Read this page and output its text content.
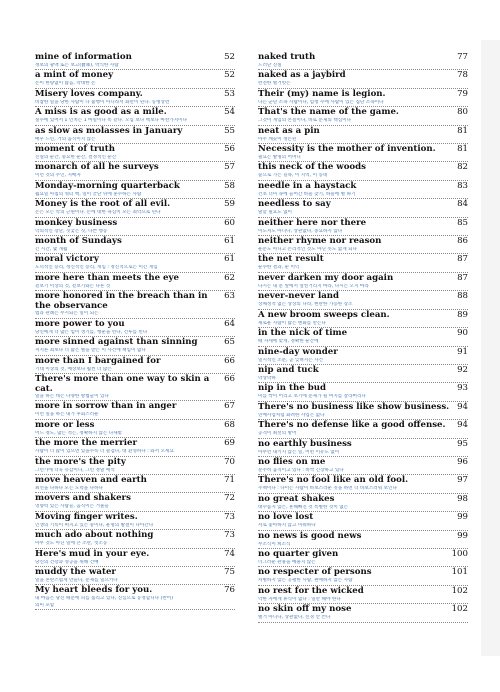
mine of information	52
정보의 광맥 또는 보고(寶庫), 박식한 사람
a mint of money	52
돈이 한량없이 많음, 막대한 돈
Misery loves company.	53
비참한 일을 당한 사람이 나 불행이 아니라서 화만이 된다. 동병상련
A miss is as good as a mile.	54
실수에 있어서 1 인치든 1 마일이나 똑 같다. 오십 보나 백보나 마찬가지이다
as slow as molasses in January	55
매우 느린, 거의 움직이지 않는
moment of truth	56
진실의 순간, 중요한 순간, 결정적인 순간
monarch of all he surveys	57
이런 것의 주인, 지배자
Monday-morning quarterback	58
월요일 아침의 쿼터 백, 일이 끝난 뒤에 훈수하는 사람
Money is the root of all evil.	59
돈은 모든 악의 근원이다. 돈에 대한 욕심이 모든 죄악으로 된다
monkey business	60
악의적인 장난, 짓궂은 짓, 나쁜 행동
month of Sundays	61
긴 시간, 몇 개월
moral victory	61
도덕적인 승리, 정신적인 승리, 게임 : 정신적으로는 이긴 게임
more here than meets the eye	62
겉보기 이상의 것, 겉보기와는 다른 것
more honored in the breach than in the observance
63
법과 관례는 무시되는 일이 되는
more power to you	64
당신에게 더 많은 힘이 생기를, 행운을 빈다, 건투를 빈다
more sinned against than sinning	65
저지른 죄보다 더 많은 벌을 받는 이 사건에 책임이 없다
more than I bargained for	66
기대 이상의 것, 예상보다 훨씬 더 많은
There's more than one way to skin a cat.
66
일을 하는 데는 다양한 방법들이 있다
more in sorrow than in anger	67
이런 일을 하는 내가 후회스러운
more or less	68
어느 정도, 많든 적든, 정확하지 않는 다새밖
the more the merrier	69
사람이 더 많이 있으면 있을수록 더 즐겁다, 대 환영하다 : 와서 오세요
the more's the pity	70
그런가에 더욱 유감이다, 그런 정말 애석
move heaven and earth	71
최선을 다하다 모든 노력을 다하다
movers and shakers	72
영향력 있는 사람들, 움직이는 거물들
Moving finger writes.	73
인생의 기록이 써지고 있는 중이다, 운명의 발걸이 나아간다
much ado about nothing	73
아무 것도 아닌 일에 큰 소란, 헛소동
Here's mud in your eye.	74
당신의 건강과 성공을 위해 건배
muddy the water	75
일을 혼란스럽게 만들다, 문제를 일으키다
My heart bleeds for you.	76
내 마음은 당신 때문에 피를 흘리고 있다, 진심으로 동정합니다 (반어)
의미 포함
naked truth	77
드러난 진실
naked as a jaybird	78
완전한 벌거벗은
Their (my) name is legion.	79
나는 군단 소속 사람이다, 엄청 수에 사람이 있는 집단 소속이다
That's the name of the game.	80
그것이 게임의 본질이다, 바로 문제의 핵심이다
neat as a pin	81
아주 깨끗이 정돈된
Necessity is the mother of invention. 81
필요는 발명의 어머니
this neck of the woods	82
숲으로 가는 길목, 이 지역, 이 동네
needle in a haystack	83
건초 더미 속에 들어간 바늘 찾기, 하늘에 별 따기
needless to say	84
말할 필요도 없이
neither here nor there	85
이도저도 아니다, 상관없다, 중요하지 않다
neither rhyme nor reason	86
운문도 아니고 논리적인 것도 아닌 뜻도 없게 되다
the net result	87
순수한 결과, 순 이익
never darken my door again	87
다시는 내 문 앞에서 얼씬거리지 마라, 다시는 오지 마라
never-never land	88
상체성적 없는 상상의 나라, 현란한 가능한 장소
A new broom sweeps clean.	89
새로운 사람이 많은 변화를 만든다
in the nick of time	90
때 자세에 맞게, 정확한 순간에
nine-day wonder	91
일시적인 소문, 곧 잊혀지는 사건
nip and tuck	92
막상막하
nip in the bud	93
미를 싹이 어리고 초기에 문제가 될 여지를 잘라버리다
There's no business like show business. 94
연예사업처럼 화려한 사업은 없다
There's no defense like a good offense. 94
공격이 최선의 방어
no earthly business	95
아무런 내키지 않는 일, 어떤 이유도 없이
no flies on me	96
분주히 움직이고 있다 : 바짝 긴장하고 있다
There's no fool like an old fool.	97
주책이다 : 나이든 사람이 바보스러운 짓을 하면 더 바보스러워 보인다
no great shakes	98
대수롭지 않은, 흔해빠진 것 특별한 것이 없는
no love lost	99
서로 좋아하지 않고 미워하다
no news is good news	99
무소식이 희소식
no quarter given	100
너그러운 관용을 베풀지 않는
no respecter of persons	101
차별하지 않는 공평한 사람, 편애하지 않는 사람
no rest for the wicked	102
악한 자에게 휴식이 없다 : 일만 해야 한다
no skin off my nose	102
별거 아니다, 상관없다, 신경 안 쓴다
